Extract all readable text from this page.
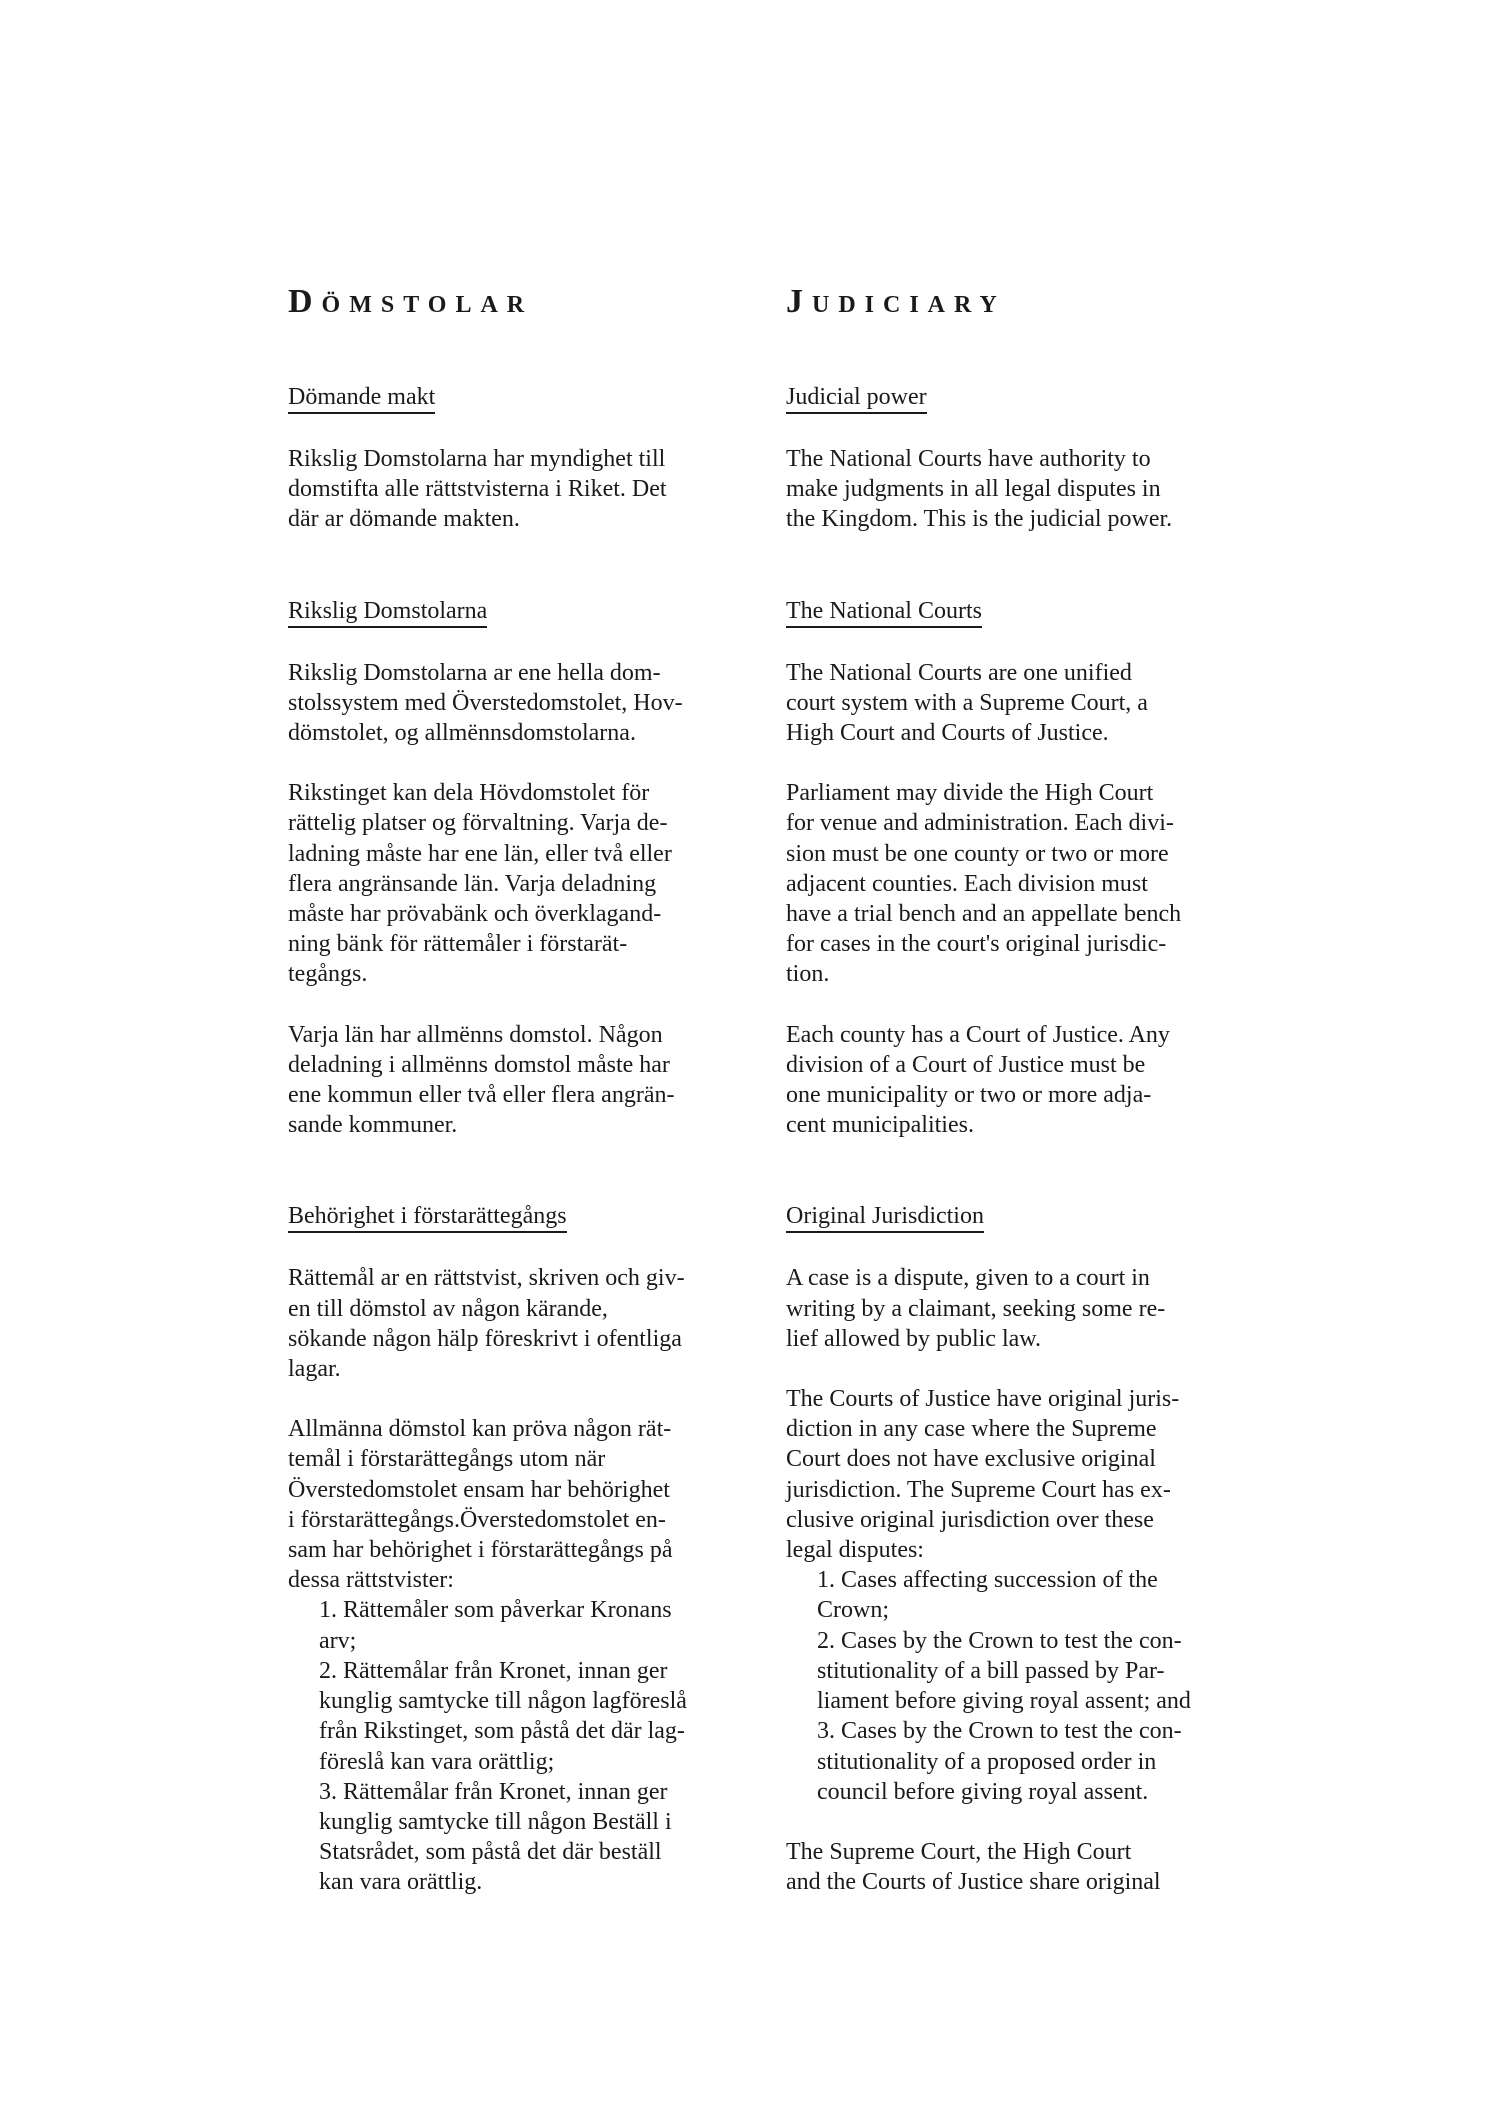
Dömstolar
Dömande makt
Rikslig Domstolarna har myndighet till
domstifta alle rättstvisterna i Riket. Det
där ar dömande makten.
Rikslig Domstolarna
Rikslig Domstolarna ar ene hella dom-
stolssystem med Överstedomstolet, Hov-
dömstolet, og allmënnsdomstolarna.
Rikstinget kan dela Hövdomstolet för
rättelig platser og förvaltning. Varja de-
ladning måste har ene län, eller två eller
flera angränsande län. Varja deladning
måste har prövabänk och överklagand-
ning bänk för rättemåler i förstarät-
tegångs.
Varja län har allmënns domstol. Någon
deladning i allmënns domstol måste har
ene kommun eller två eller flera angrän-
sande kommuner.
Behörighet i förstarättegångs
Rättemål ar en rättstvist, skriven och giv-
en till dömstol av någon kärande,
sökande någon hälp föreskrivt i ofentliga
lagar.
Allmänna dömstol kan pröva någon rät-
temål i förstarättegångs utom när
Överstedomstolet ensam har behörighet
i förstarättegångs.Överstedomstolet en-
sam har behörighet i förstarättegångs på
dessa rättstvister:
1. Rättemåler som påverkar Kronans
arv;
2. Rättemålar från Kronet, innan ger
kunglig samtycke till någon lagföreslå
från Rikstinget, som påstå det där lag-
föreslå kan vara orättlig;
3. Rättemålar från Kronet, innan ger
kunglig samtycke till någon Beställ i
Statsrådet, som påstå det där beställ
kan vara orättlig.
Judiciary
Judicial power
The National Courts have authority to
make judgments in all legal disputes in
the Kingdom. This is the judicial power.
The National Courts
The National Courts are one unified
court system with a Supreme Court, a
High Court and Courts of Justice.
Parliament may divide the High Court
for venue and administration. Each divi-
sion must be one county or two or more
adjacent counties. Each division must
have a trial bench and an appellate bench
for cases in the court's original jurisdic-
tion.
Each county has a Court of Justice. Any
division of a Court of Justice must be
one municipality or two or more adja-
cent municipalities.
Original Jurisdiction
A case is a dispute, given to a court in
writing by a claimant, seeking some re-
lief allowed by public law.
The Courts of Justice have original juris-
diction in any case where the Supreme
Court does not have exclusive original
jurisdiction. The Supreme Court has ex-
clusive original jurisdiction over these
legal disputes:
1. Cases affecting succession of the
Crown;
2. Cases by the Crown to test the con-
stitutionality of a bill passed by Par-
liament before giving royal assent; and
3. Cases by the Crown to test the con-
stitutionality of a proposed order in
council before giving royal assent.
The Supreme Court, the High Court
and the Courts of Justice share original
